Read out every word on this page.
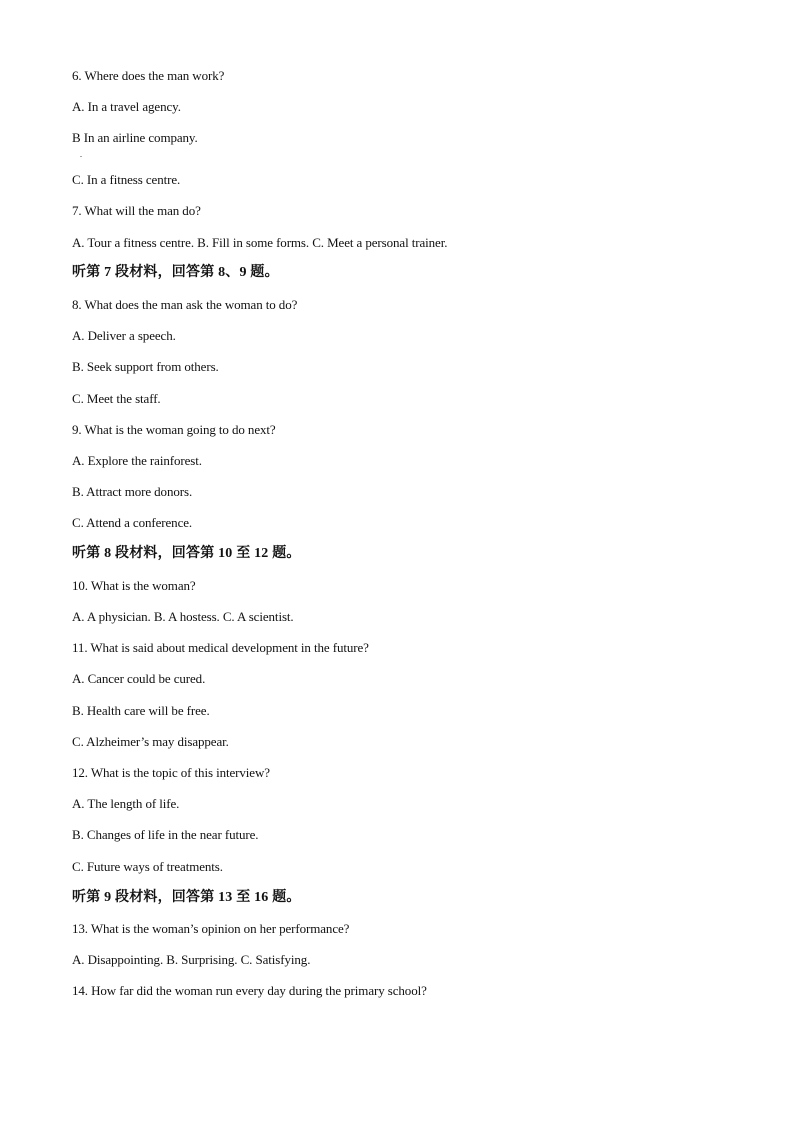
6. Where does the man work?
A. In a travel agency.
B In an airline company.
.
C. In a fitness centre.
7. What will the man do?
A. Tour a fitness centre. B. Fill in some forms. C. Meet a personal trainer.
听第 7 段材料，回答第 8、9 题。
8. What does the man ask the woman to do?
A. Deliver a speech.
B. Seek support from others.
C. Meet the staff.
9. What is the woman going to do next?
A. Explore the rainforest.
B. Attract more donors.
C. Attend a conference.
听第 8 段材料，回答第 10 至 12 题。
10. What is the woman?
A. A physician. B. A hostess. C. A scientist.
11. What is said about medical development in the future?
A. Cancer could be cured.
B. Health care will be free.
C. Alzheimer’s may disappear.
12. What is the topic of this interview?
A. The length of life.
B. Changes of life in the near future.
C. Future ways of treatments.
听第 9 段材料，回答第 13 至 16 题。
13. What is the woman’s opinion on her performance?
A. Disappointing. B. Surprising. C. Satisfying.
14. How far did the woman run every day during the primary school?
